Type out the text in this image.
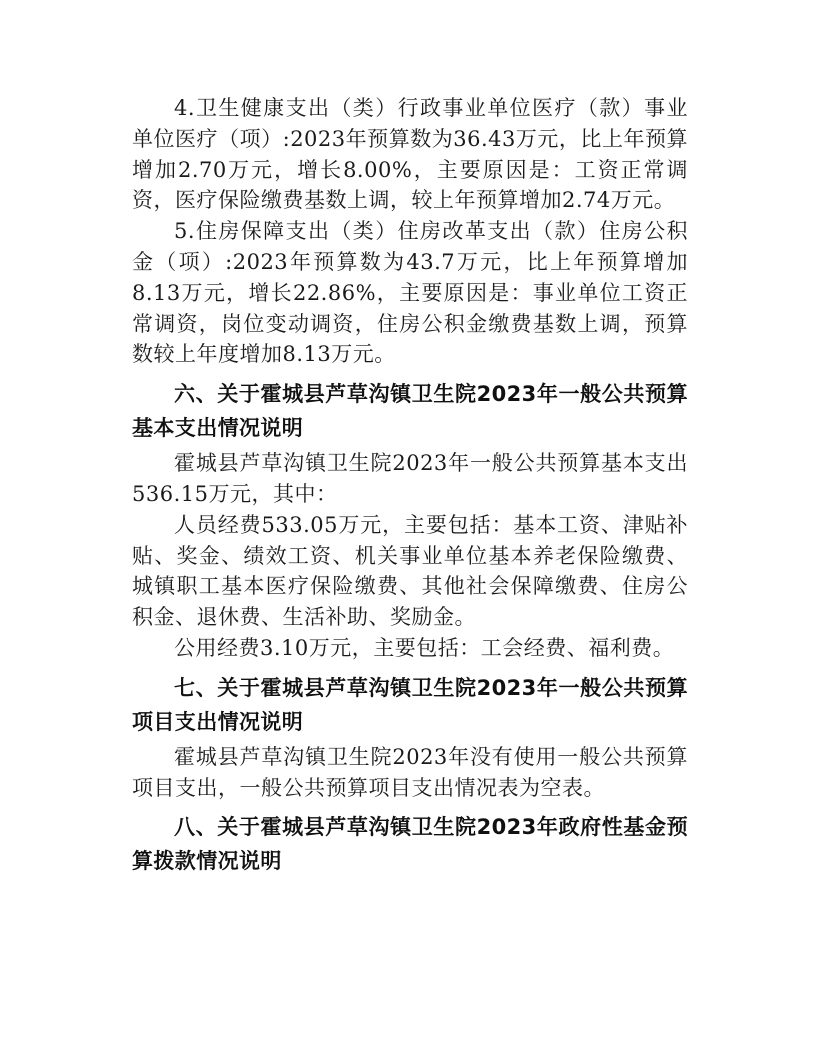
4.卫生健康支出（类）行政事业单位医疗（款）事业单位医疗（项）:2023年预算数为36.43万元，比上年预算增加2.70万元，增长8.00%，主要原因是：工资正常调资，医疗保险缴费基数上调，较上年预算增加2.74万元。

5.住房保障支出（类）住房改革支出（款）住房公积金（项）:2023年预算数为43.7万元，比上年预算增加8.13万元，增长22.86%，主要原因是：事业单位工资正常调资，岗位变动调资，住房公积金缴费基数上调，预算数较上年度增加8.13万元。

六、关于霍城县芦草沟镇卫生院2023年一般公共预算基本支出情况说明

霍城县芦草沟镇卫生院2023年一般公共预算基本支出536.15万元，其中：

人员经费533.05万元，主要包括：基本工资、津贴补贴、奖金、绩效工资、机关事业单位基本养老保险缴费、城镇职工基本医疗保险缴费、其他社会保障缴费、住房公积金、退休费、生活补助、奖励金。

公用经费3.10万元，主要包括：工会经费、福利费。

七、关于霍城县芦草沟镇卫生院2023年一般公共预算项目支出情况说明

霍城县芦草沟镇卫生院2023年没有使用一般公共预算项目支出，一般公共预算项目支出情况表为空表。

八、关于霍城县芦草沟镇卫生院2023年政府性基金预算拨款情况说明
